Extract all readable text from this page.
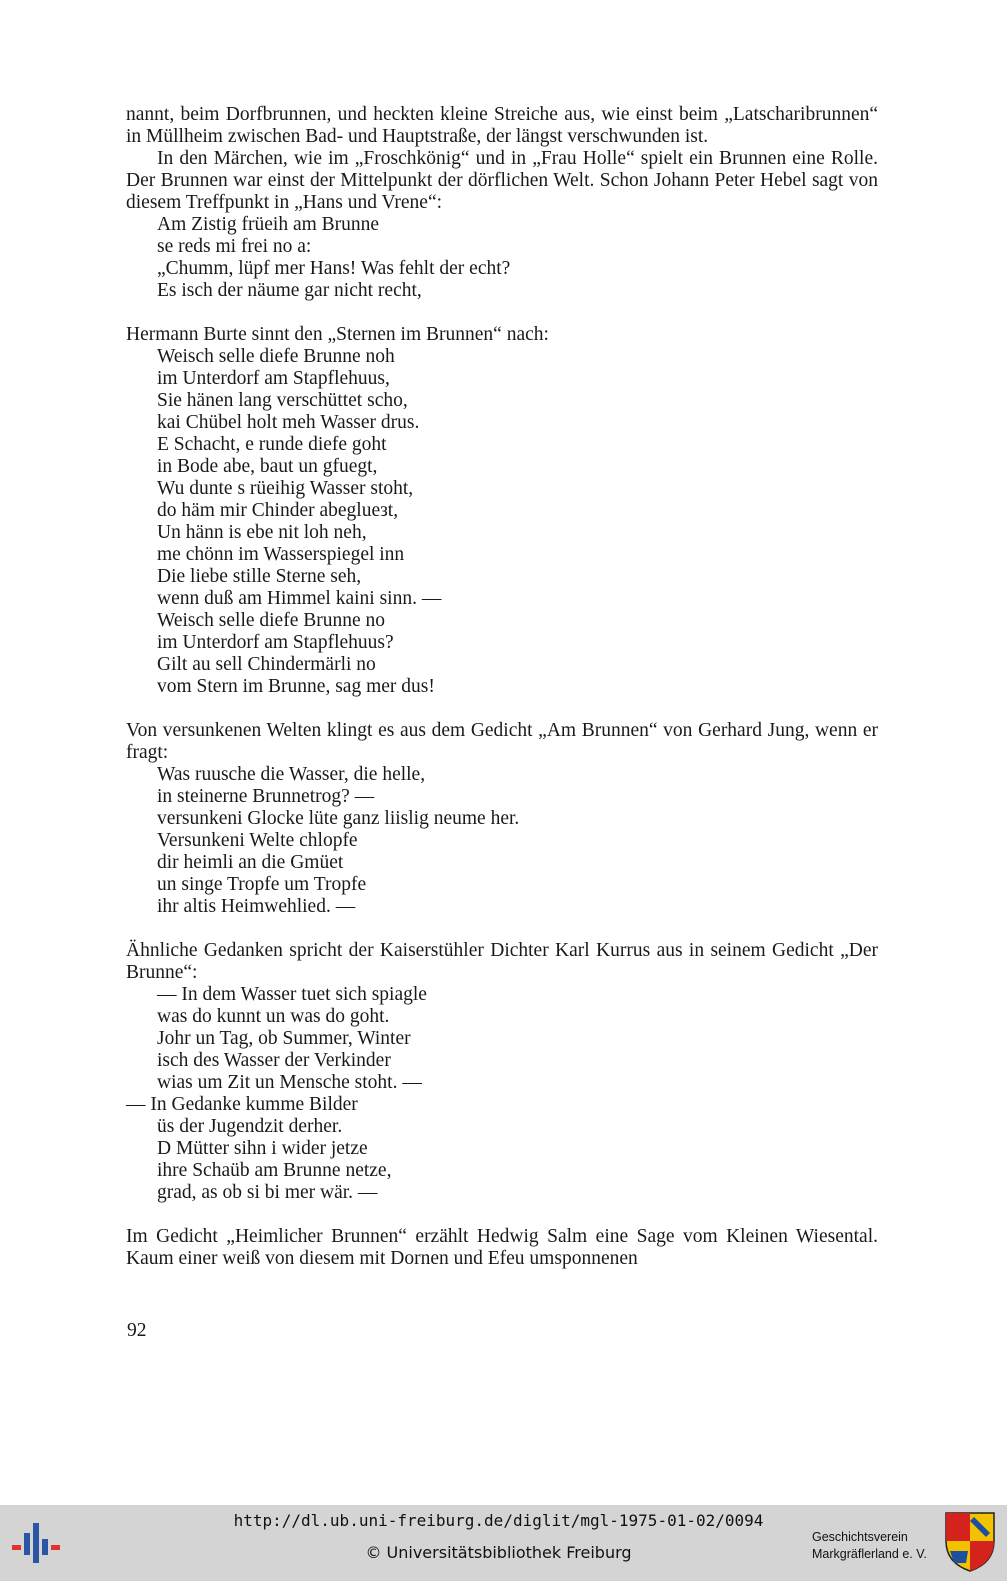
nannt, beim Dorfbrunnen, und heckten kleine Streiche aus, wie einst beim „Latscharibrunnen“ in Müllheim zwischen Bad- und Hauptstraße, der längst verschwunden ist.

In den Märchen, wie im „Froschkönig“ und in „Frau Holle“ spielt ein Brunnen eine Rolle. Der Brunnen war einst der Mittelpunkt der dörflichen Welt. Schon Johann Peter Hebel sagt von diesem Treffpunkt in „Hans und Vrene“:

Am Zistig früeih am Brunne
se reds mi frei no a:
„Chumm, lüpf mer Hans! Was fehlt der echt?
Es isch der näume gar nicht recht,

Hermann Burte sinnt den „Sternen im Brunnen“ nach:

Weisch selle diefe Brunne noh
im Unterdorf am Stapflehuus,
Sie hänen lang verschüttet scho,
kai Chübel holt meh Wasser drus.
E Schacht, e runde diefe goht
in Bode abe, baut un gfuegt,
Wu dunte s rüeihig Wasser stoht,
do häm mir Chinder abeglueзt,
Un hänn is ebe nit loh neh,
me chönn im Wasserspiegel inn
Die liebe stille Sterne seh,
wenn duß am Himmel kaini sinn. —
Weisch selle diefe Brunne no
im Unterdorf am Stapflehuus?
Gilt au sell Chindermärli no
vom Stern im Brunne, sag mer dus!

Von versunkenen Welten klingt es aus dem Gedicht „Am Brunnen“ von Gerhard Jung, wenn er fragt:

Was ruusche die Wasser, die helle,
in steinerne Brunnetrog? —
versunkeni Glocke lüte ganz liislig neume her.
Versunkeni Welte chlopfe
dir heimli an die Gmüet
un singe Tropfe um Tropfe
ihr altis Heimwehlied. —

Ähnliche Gedanken spricht der Kaiserstühler Dichter Karl Kurrus aus in seinem Gedicht „Der Brunne“:

— In dem Wasser tuet sich spiagle
was do kunnt un was do goht.
Johr un Tag, ob Summer, Winter
isch des Wasser der Verkinder
wias um Zit un Mensche stoht. —
— In Gedanke kumme Bilder
üs der Jugendzit derher.
D Mütter sihn i wider jetze
ihre Schaüb am Brunne netze,
grad, as ob si bi mer wär. —

Im Gedicht „Heimlicher Brunnen“ erzählt Hedwig Salm eine Sage vom Kleinen Wiesental. Kaum einer weiß von diesem mit Dornen und Efeu umsponnenen

92
http://dl.ub.uni-freiburg.de/diglit/mgl-1975-01-02/0094
© Universitätsbibliothek Freiburg
Geschichtsverein
Markgräflerland e. V.
